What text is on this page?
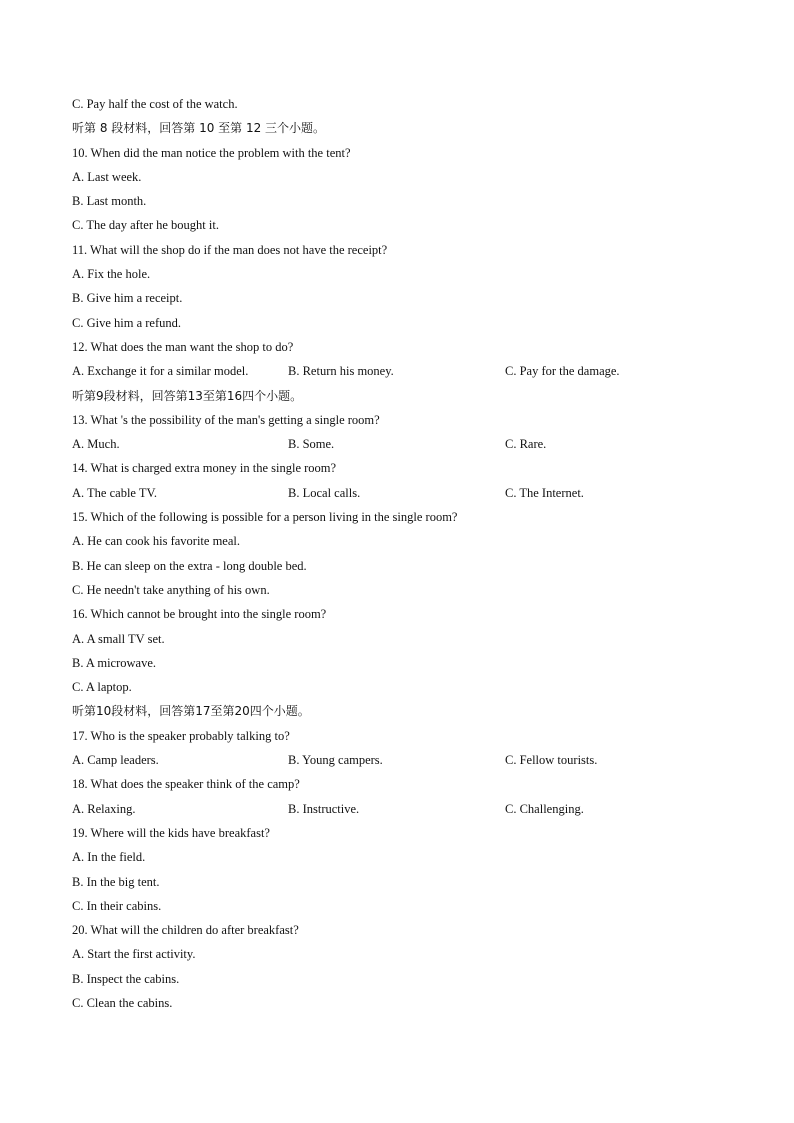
C. Pay half the cost of the watch.
听第 8 段材料，回答第 10 至第 12 三个小题。
10. When did the man notice the problem with the tent?
A. Last week.
B. Last month.
C. The day after he bought it.
11. What will the shop do if the man does not have the receipt?
A. Fix the hole.
B. Give him a receipt.
C. Give him a refund.
12. What does the man want the shop to do?
A. Exchange it for a similar model.	B. Return his money.	C. Pay for the damage.
听第9段材料，回答第13至第16四个小题。
13. What 's the possibility of the man's getting a single room?
A. Much.	B. Some.	C. Rare.
14. What is charged extra money in the single room?
A. The cable TV.	B. Local calls.	C. The Internet.
15. Which of the following is possible for a person living in the single room?
A. He can cook his favorite meal.
B. He can sleep on the extra - long double bed.
C. He needn't take anything of his own.
16. Which cannot be brought into the single room?
A. A small TV set.
B. A microwave.
C. A laptop.
听第10段材料，回答第17至第20四个小题。
17. Who is the speaker probably talking to?
A. Camp leaders.	B. Young campers.	C. Fellow tourists.
18. What does the speaker think of the camp?
A. Relaxing.	B. Instructive.	C. Challenging.
19. Where will the kids have breakfast?
A. In the field.
B. In the big tent.
C. In their cabins.
20. What will the children do after breakfast?
A. Start the first activity.
B. Inspect the cabins.
C. Clean the cabins.
